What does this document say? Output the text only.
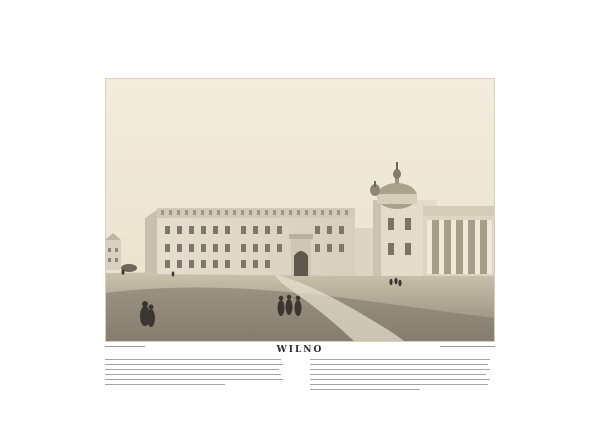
WILNO
